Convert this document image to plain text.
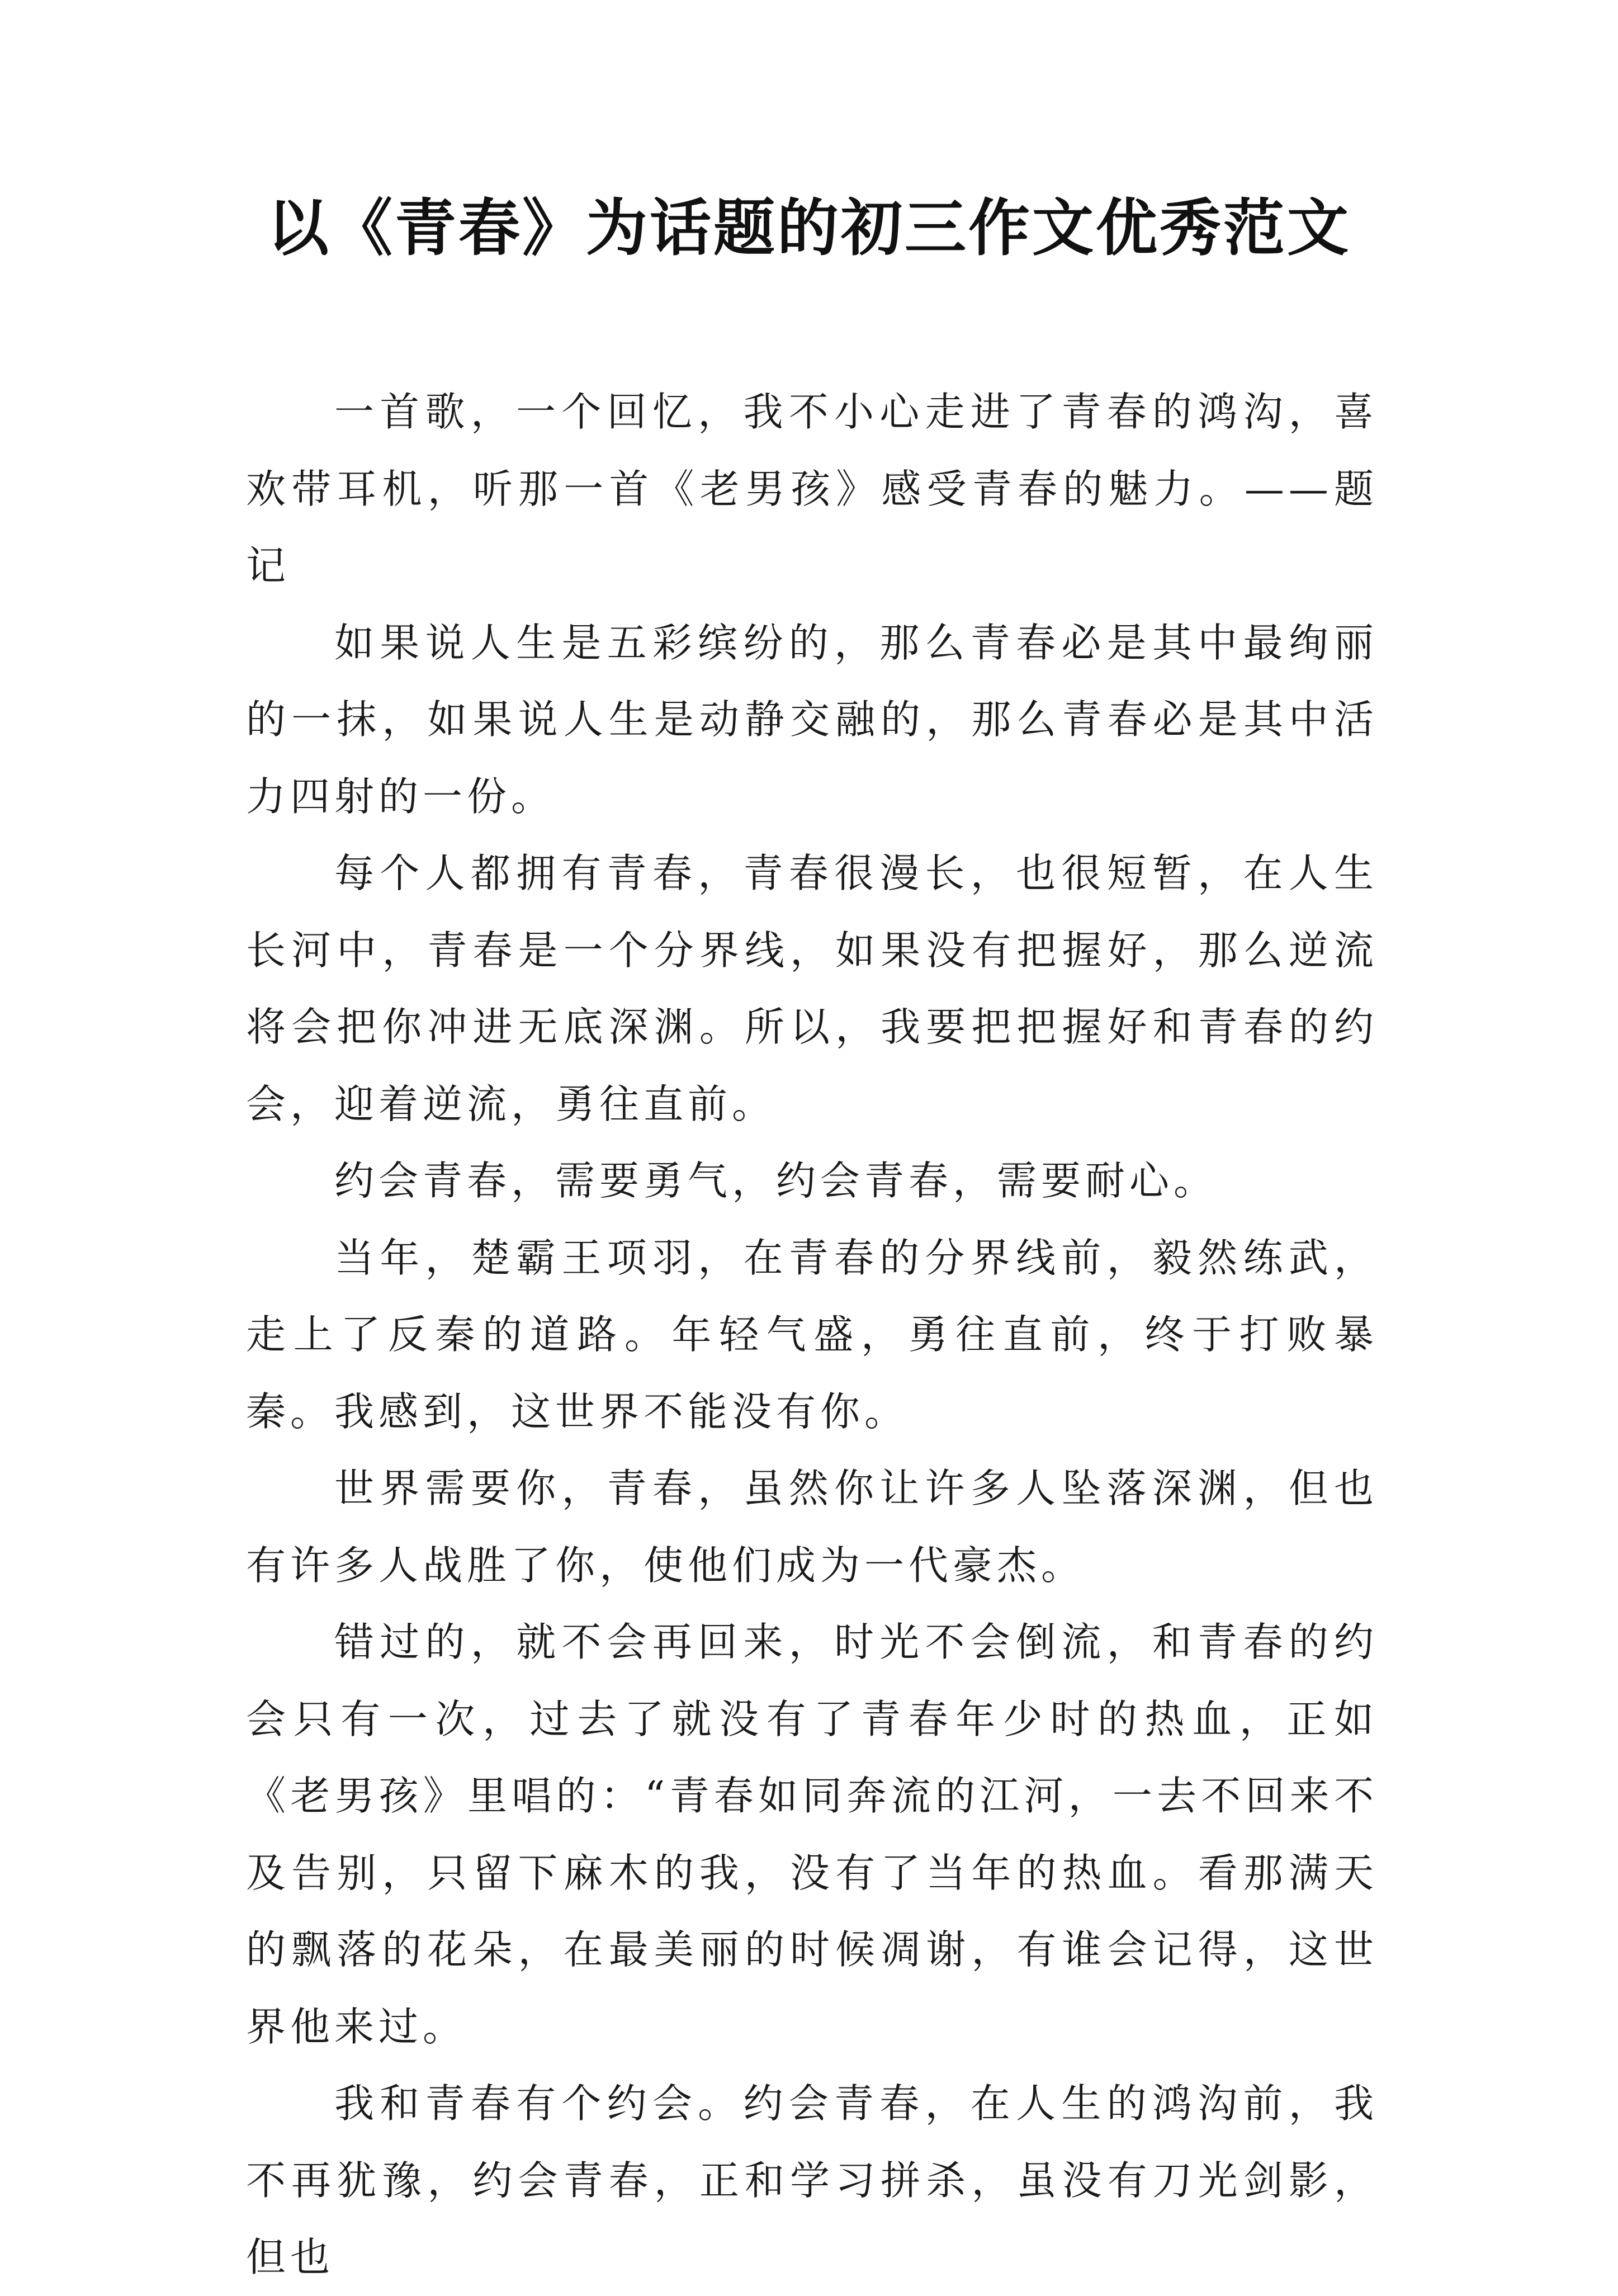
以《青春》为话题的初三作文优秀范文

一首歌，一个回忆，我不小心走进了青春的鸿沟，喜欢带耳机，听那一首《老男孩》感受青春的魅力。——题记

如果说人生是五彩缤纷的，那么青春必是其中最绚丽的一抹，如果说人生是动静交融的，那么青春必是其中活力四射的一份。

每个人都拥有青春，青春很漫长，也很短暂，在人生长河中，青春是一个分界线，如果没有把握好，那么逆流将会把你冲进无底深渊。所以，我要把把握好和青春的约会，迎着逆流，勇往直前。

约会青春，需要勇气，约会青春，需要耐心。

当年，楚霸王项羽，在青春的分界线前，毅然练武，走上了反秦的道路。年轻气盛，勇往直前，终于打败暴秦。我感到，这世界不能没有你。

世界需要你，青春，虽然你让许多人坠落深渊，但也有许多人战胜了你，使他们成为一代豪杰。

错过的，就不会再回来，时光不会倒流，和青春的约会只有一次，过去了就没有了青春年少时的热血，正如《老男孩》里唱的：“青春如同奔流的江河，一去不回来不及告别，只留下麻木的我，没有了当年的热血。看那满天的飘落的花朵，在最美丽的时候凋谢，有谁会记得，这世界他来过。

我和青春有个约会。约会青春，在人生的鸿沟前，我不再犹豫，约会青春，正和学习拼杀，虽没有刀光剑影，但也
